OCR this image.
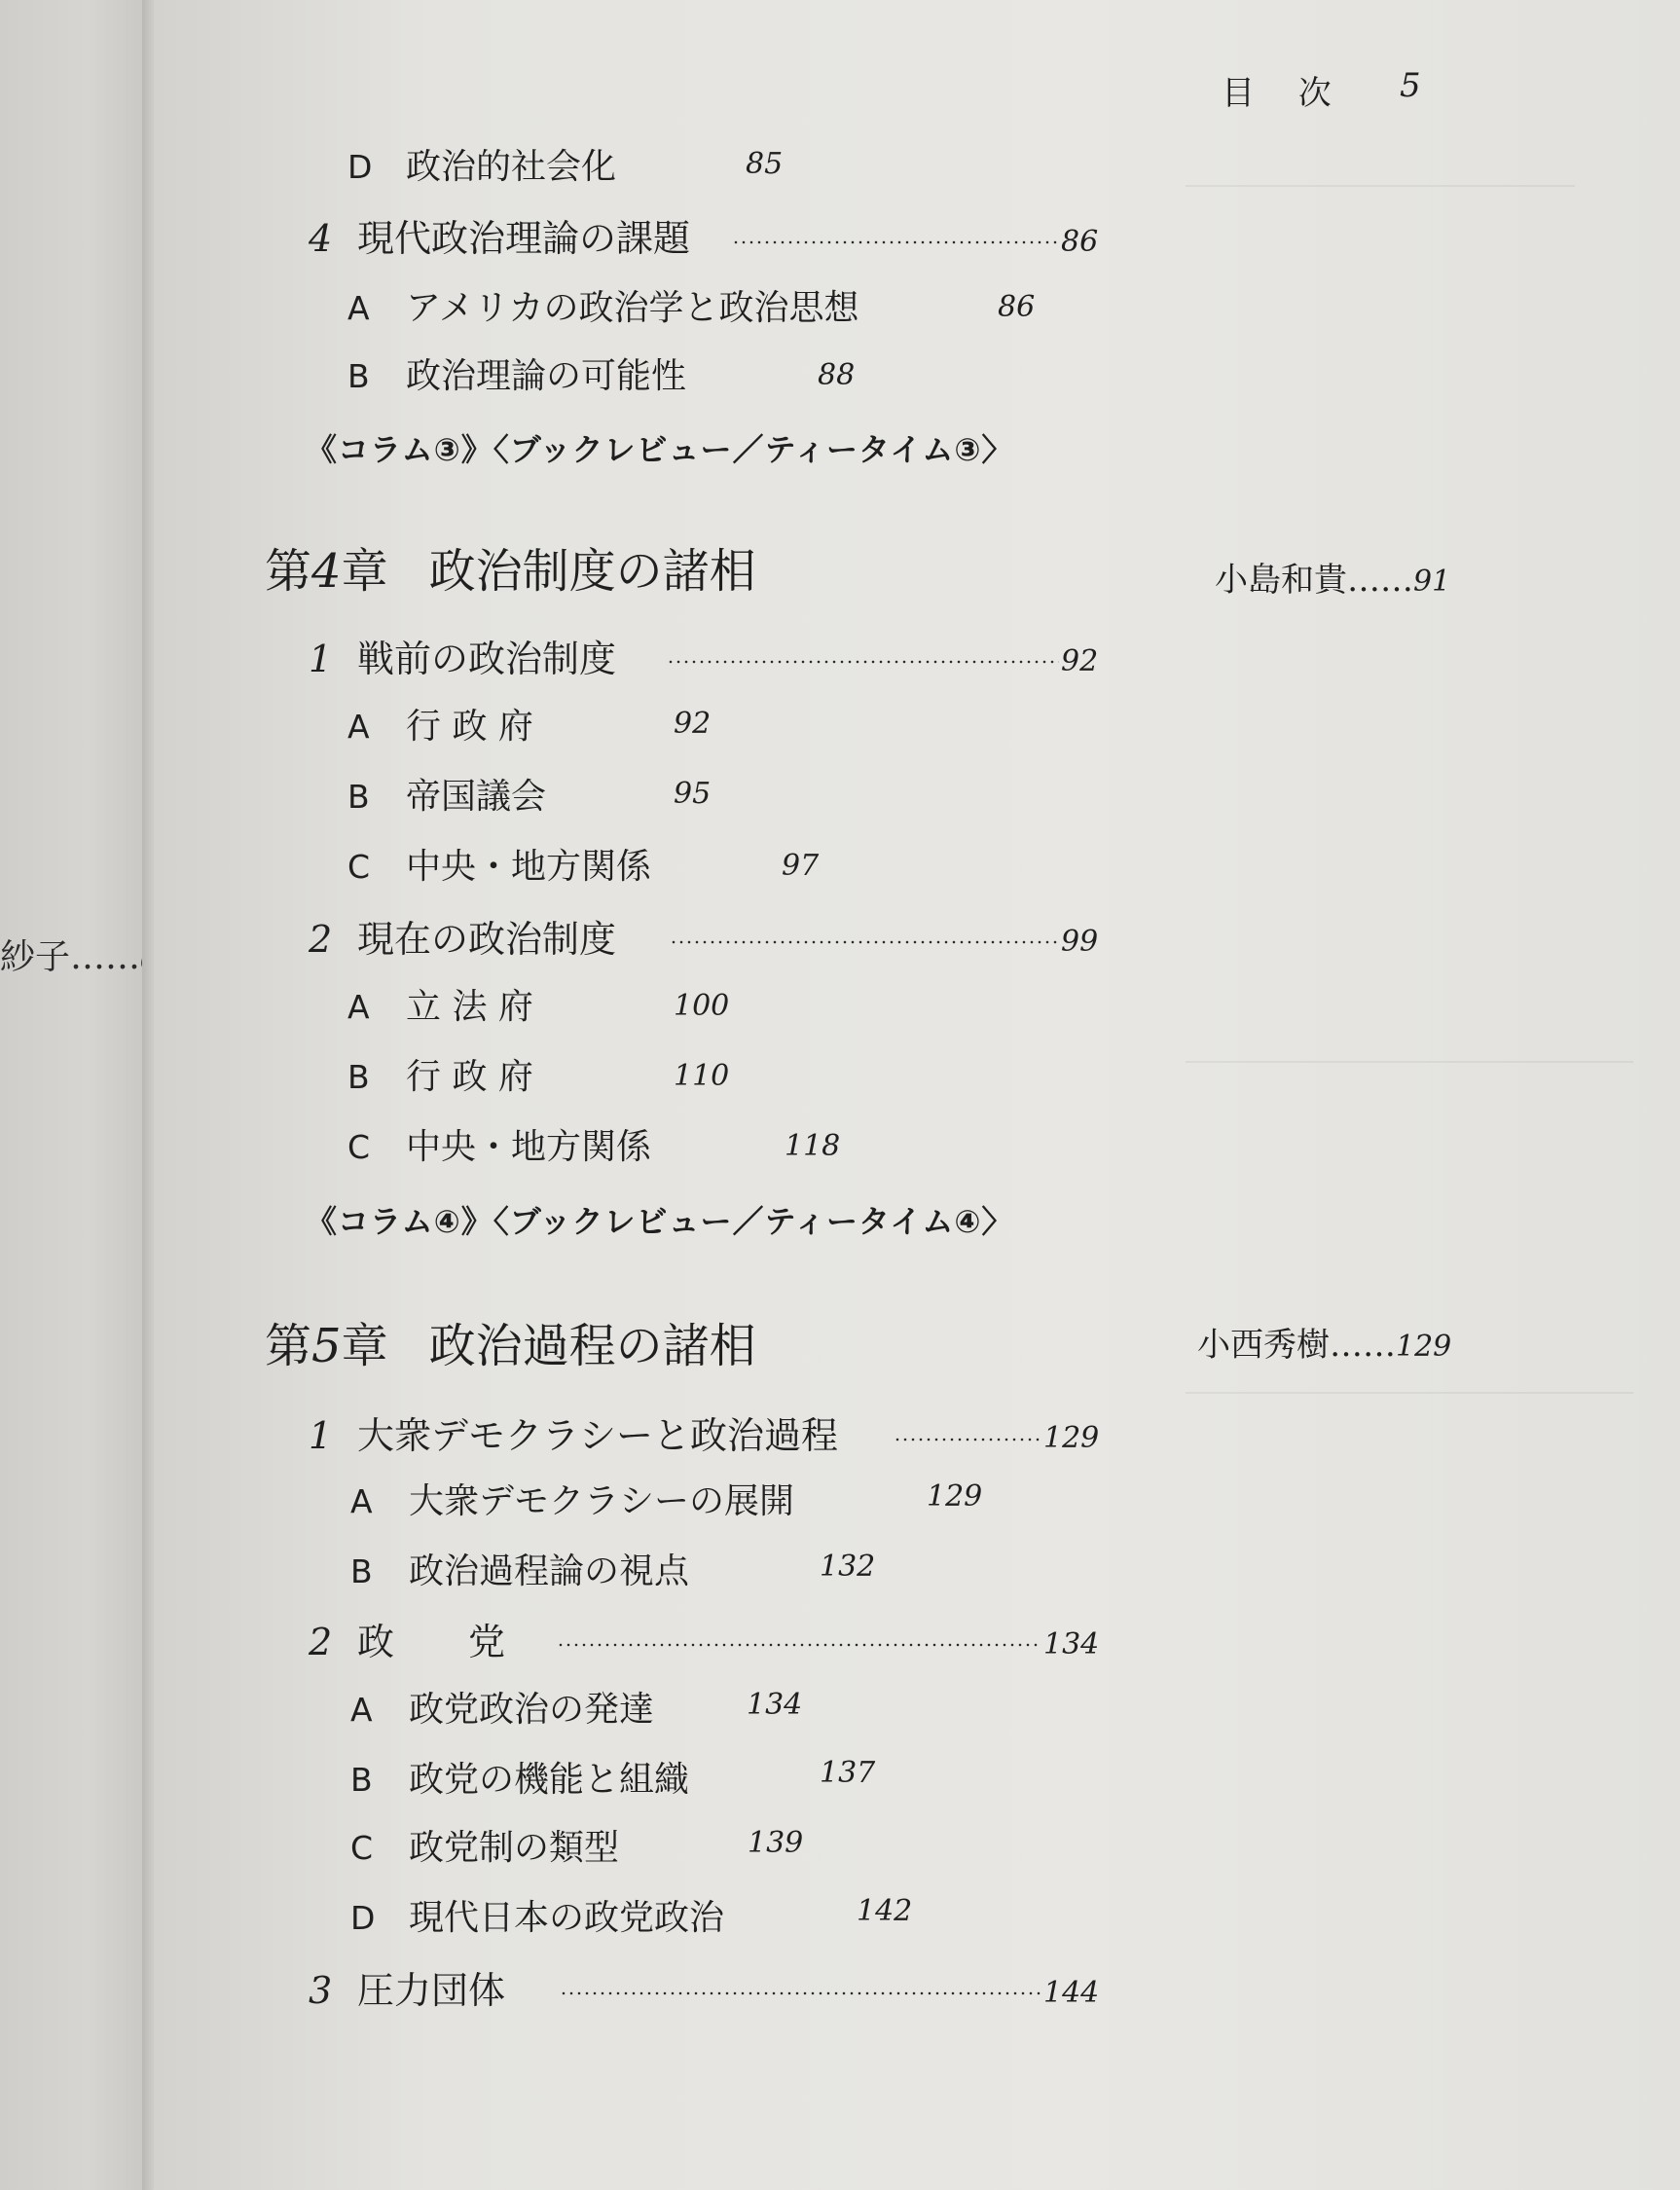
紗子……
目 次 5
D 政治的社会化	85
4 現代政治理論の課題	86
A アメリカの政治学と政治思想	86
B 政治理論の可能性	88
《コラム③》〈ブックレビュー／ティータイム③〉
第4章 政治制度の諸相	小島和貴……91
1 戦前の政治制度	92
A 行 政 府	92
B 帝国議会	95
C 中央・地方関係	97
2 現在の政治制度	99
A 立 法 府	100
B 行 政 府	110
C 中央・地方関係	118
《コラム④》〈ブックレビュー／ティータイム④〉
第5章 政治過程の諸相	小西秀樹……129
1 大衆デモクラシーと政治過程	129
A 大衆デモクラシーの展開	129
B 政治過程論の視点	132
2 政　　党	134
A 政党政治の発達	134
B 政党の機能と組織	137
C 政党制の類型	139
D 現代日本の政党政治	142
3 圧力団体	144
